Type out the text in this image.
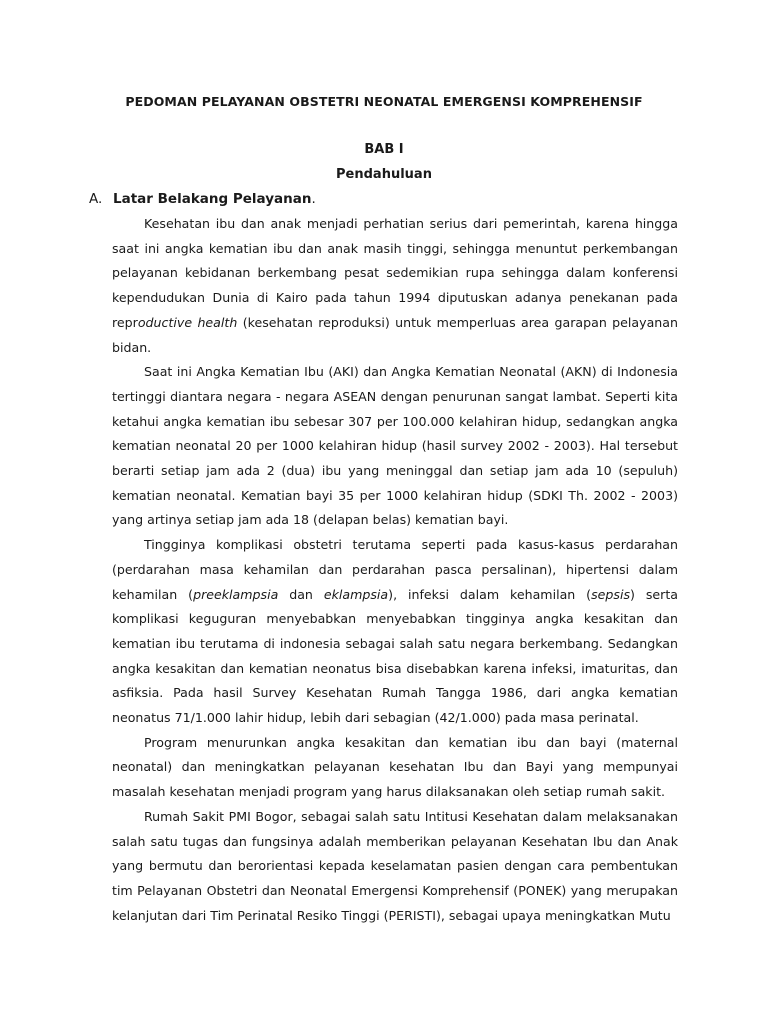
PEDOMAN PELAYANAN OBSTETRI NEONATAL EMERGENSI KOMPREHENSIF
BAB I
Pendahuluan
A. Latar Belakang Pelayanan.

Kesehatan ibu dan anak menjadi perhatian serius dari pemerintah, karena hingga saat ini angka kematian ibu dan anak masih tinggi, sehingga menuntut perkembangan pelayanan kebidanan berkembang pesat sedemikian rupa sehingga dalam konferensi kependudukan Dunia di Kairo pada tahun 1994 diputuskan adanya penekanan pada reproductive health (kesehatan reproduksi) untuk memperluas area garapan pelayanan bidan.

Saat ini Angka Kematian Ibu (AKI) dan Angka Kematian Neonatal (AKN) di Indonesia tertinggi diantara negara - negara ASEAN dengan penurunan sangat lambat. Seperti kita ketahui angka kematian ibu sebesar 307 per 100.000 kelahiran hidup, sedangkan angka kematian neonatal 20 per 1000 kelahiran hidup (hasil survey 2002 - 2003). Hal tersebut berarti setiap jam ada 2 (dua) ibu yang meninggal dan setiap jam ada 10 (sepuluh) kematian neonatal. Kematian bayi 35 per 1000 kelahiran hidup (SDKI Th. 2002 - 2003) yang artinya setiap jam ada 18 (delapan belas) kematian bayi.

Tingginya komplikasi obstetri terutama seperti pada kasus-kasus perdarahan (perdarahan masa kehamilan dan perdarahan pasca persalinan), hipertensi dalam kehamilan (preeklampsia dan eklampsia), infeksi dalam kehamilan (sepsis) serta komplikasi keguguran menyebabkan menyebabkan tingginya angka kesakitan dan kematian ibu terutama di indonesia sebagai salah satu negara berkembang. Sedangkan angka kesakitan dan kematian neonatus bisa disebabkan karena infeksi, imaturitas, dan asfiksia. Pada hasil Survey Kesehatan Rumah Tangga 1986, dari angka kematian neonatus 71/1.000 lahir hidup, lebih dari sebagian (42/1.000) pada masa perinatal.

Program menurunkan angka kesakitan dan kematian ibu dan bayi (maternal neonatal) dan meningkatkan pelayanan kesehatan Ibu dan Bayi yang mempunyai masalah kesehatan menjadi program yang harus dilaksanakan oleh setiap rumah sakit.

Rumah Sakit PMI Bogor, sebagai salah satu Intitusi Kesehatan dalam melaksanakan salah satu tugas dan fungsinya adalah memberikan pelayanan Kesehatan Ibu dan Anak yang bermutu dan berorientasi kepada keselamatan pasien dengan cara pembentukan tim Pelayanan Obstetri dan Neonatal Emergensi Komprehensif (PONEK) yang merupakan kelanjutan dari Tim Perinatal Resiko Tinggi (PERISTI), sebagai upaya meningkatkan Mutu
